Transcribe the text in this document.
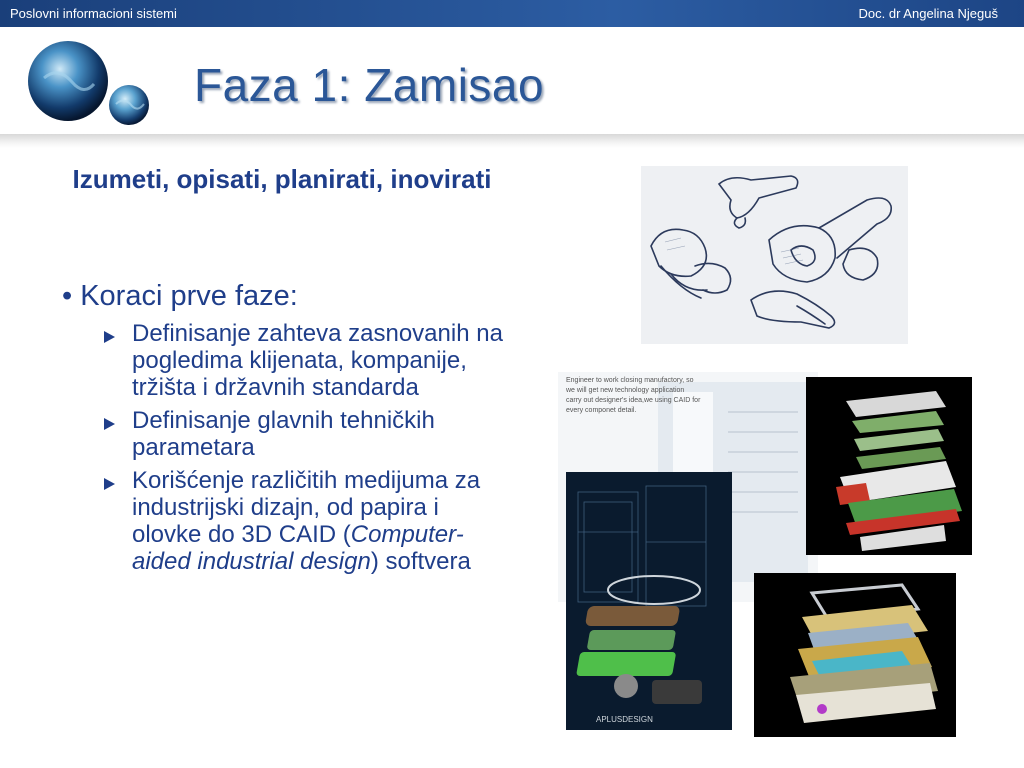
Poslovni informacioni sistemi	Doc. dr Angelina Njeguš
Faza 1: Zamisao
Izumeti, opisati, planirati, inovirati
• Koraci prve faze:
Definisanje zahteva zasnovanih na pogledima klijenata, kompanije, tržišta i državnih standarda
Definisanje glavnih tehničkih parametara
Korišćenje različitih medijuma za industrijski dizajn, od papira i olovke do 3D CAID (Computer-aided industrial design) softvera
Engineer to work closing manufactory, so we will get new technology application carry out designer's idea,we using CAID for every componet detail.
APLUSDESIGN
